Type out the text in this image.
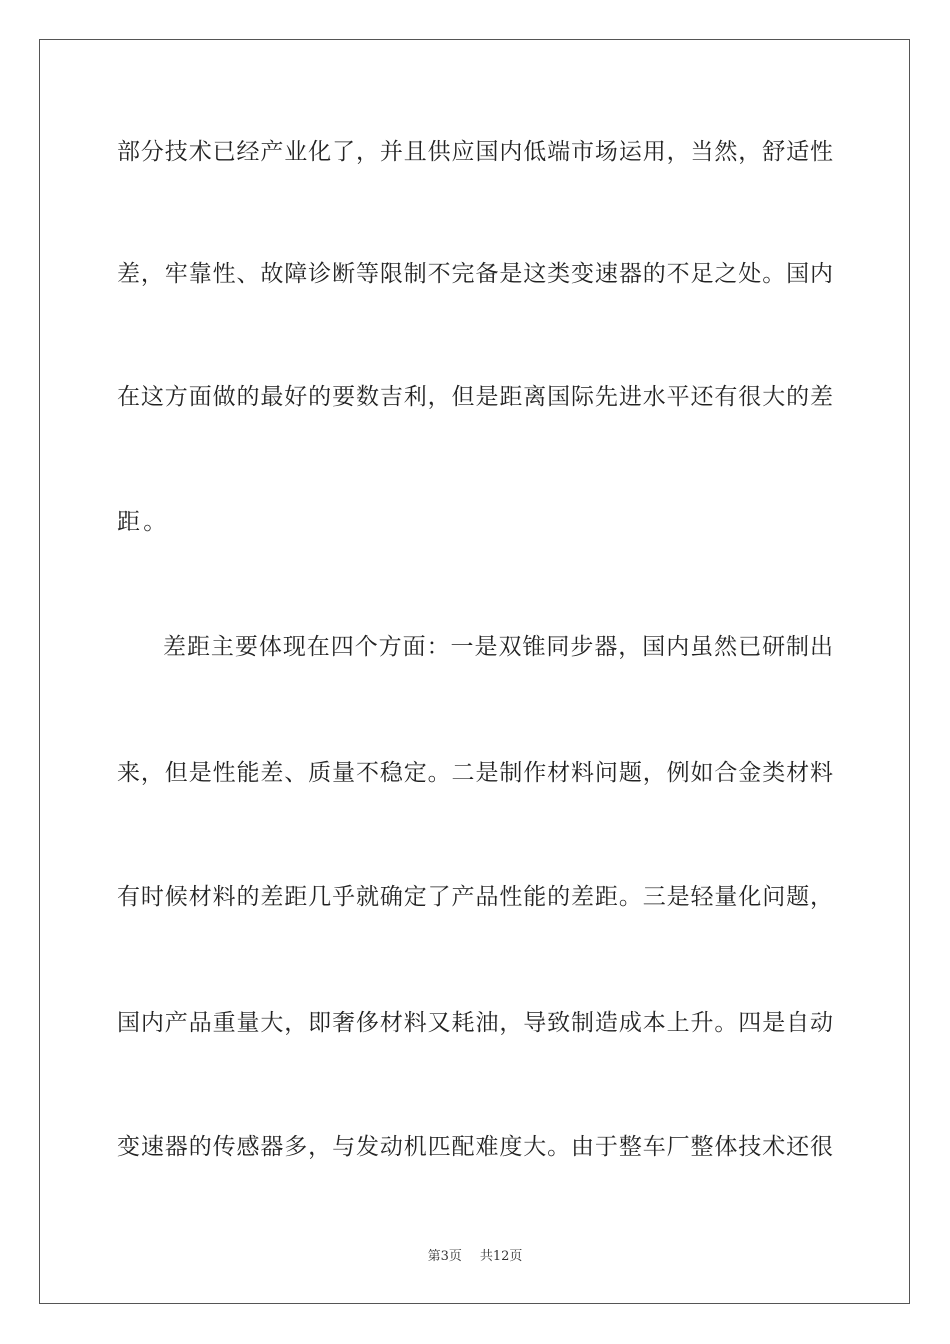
部分技术已经产业化了，并且供应国内低端市场运用，当然，舒适性
差，牢靠性、故障诊断等限制不完备是这类变速器的不足之处。国内
在这方面做的最好的要数吉利，但是距离国际先进水平还有很大的差
距。
差距主要体现在四个方面：一是双锥同步器，国内虽然已研制出
来，但是性能差、质量不稳定。二是制作材料问题，例如合金类材料
有时候材料的差距几乎就确定了产品性能的差距。三是轻量化问题，
国内产品重量大，即奢侈材料又耗油，导致制造成本上升。四是自动
变速器的传感器多，与发动机匹配难度大。由于整车厂整体技术还很
第3页 共12页
